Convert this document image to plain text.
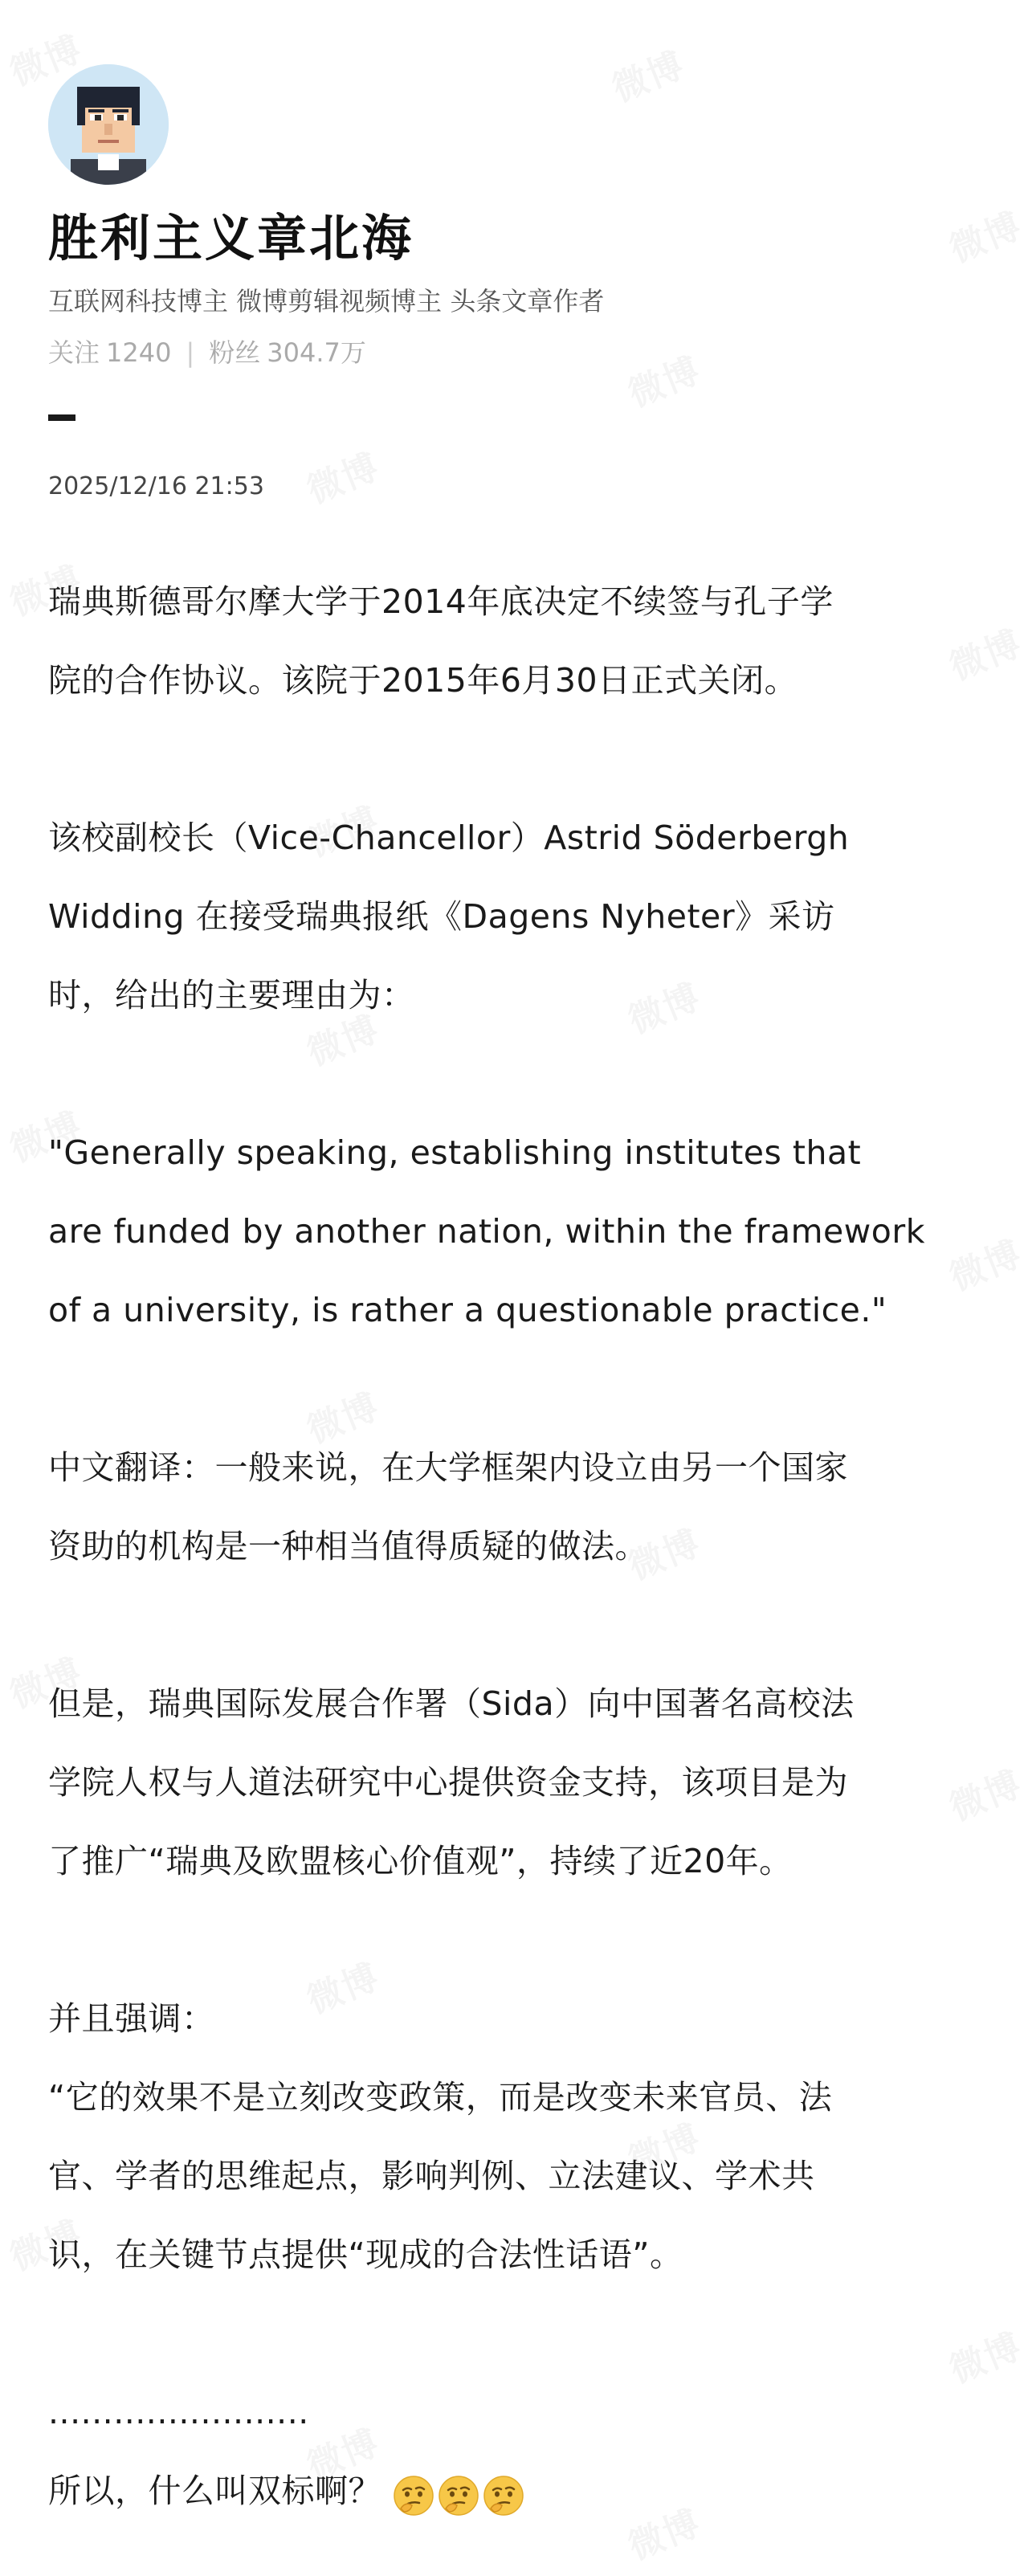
胜利主义章北海
互联网科技博主 微博剪辑视频博主 头条文章作者
关注 1240 | 粉丝 304.7万
2025/12/16 21:53
瑞典斯德哥尔摩大学于2014年底决定不续签与孔子学
院的合作协议。该院于2015年6月30日正式关闭。
该校副校长（Vice-Chancellor）Astrid Söderbergh
Widding 在接受瑞典报纸《Dagens Nyheter》采访
时，给出的主要理由为：
"Generally speaking, establishing institutes that
are funded by another nation, within the framework
of a university, is rather a questionable practice."
中文翻译：一般来说，在大学框架内设立由另一个国家
资助的机构是一种相当值得质疑的做法。
但是，瑞典国际发展合作署（Sida）向中国著名高校法
学院人权与人道法研究中心提供资金支持，该项目是为
了推广“瑞典及欧盟核心价值观”，持续了近20年。
并且强调：
“它的效果不是立刻改变政策，而是改变未来官员、法
官、学者的思维起点，影响判例、立法建议、学术共
识，在关键节点提供“现成的合法性话语”。
........................
所以，什么叫双标啊？
